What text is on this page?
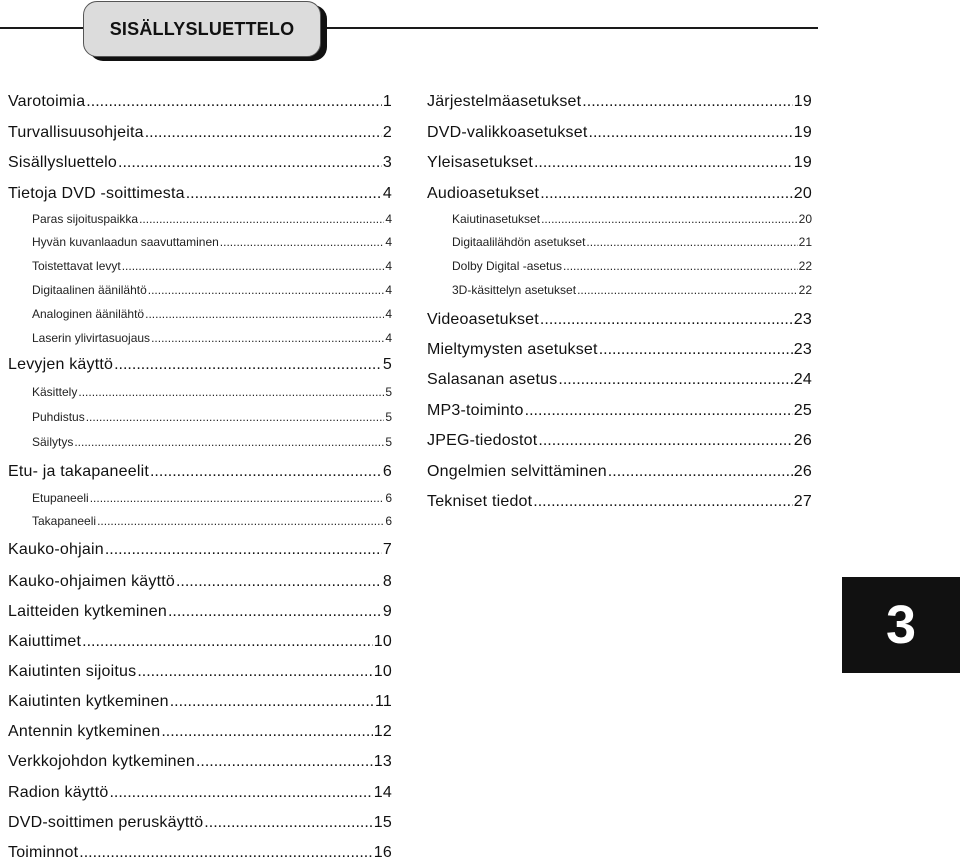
SISÄLLYSLUETTELO
Varotoimia .....	1
Turvallisuusohjeita .....	2
Sisällysluettelo .....	3
Tietoja DVD -soittimesta .....	4
Paras sijoituspaikka .....	4
Hyvän kuvanlaadun saavuttaminen .....	4
Toistettavat levyt .....	4
Digitaalinen äänilähtö .....	4
Analoginen äänilähtö .....	4
Laserin ylivirtasuojaus .....	4
Levyjen käyttö .....	5
Käsittely .....	5
Puhdistus .....	5
Säilytys .....	5
Etu- ja takapaneelit .....	6
Etupaneeli .....	6
Takapaneeli .....	6
Kauko-ohjain .....	7
Kauko-ohjaimen käyttö .....	8
Laitteiden kytkeminen .....	9
Kaiuttimet .....	10
Kaiutinten sijoitus .....	10
Kaiutinten kytkeminen .....	11
Antennin kytkeminen .....	12
Verkkojohdon kytkeminen .....	13
Radion käyttö .....	14
DVD-soittimen peruskäyttö .....	15
Toiminnot .....	16
Järjestelmäasetukset .....	19
DVD-valikkoasetukset .....	19
Yleisasetukset .....	19
Audioasetukset .....	20
Kaiutinasetukset .....	20
Digitaalilähdön asetukset .....	21
Dolby Digital -asetus .....	22
3D-käsittelyn asetukset .....	22
Videoasetukset .....	23
Mieltymysten asetukset .....	23
Salasanan asetus .....	24
MP3-toiminto .....	25
JPEG-tiedostot .....	26
Ongelmien selvittäminen .....	26
Tekniset tiedot .....	27
3
